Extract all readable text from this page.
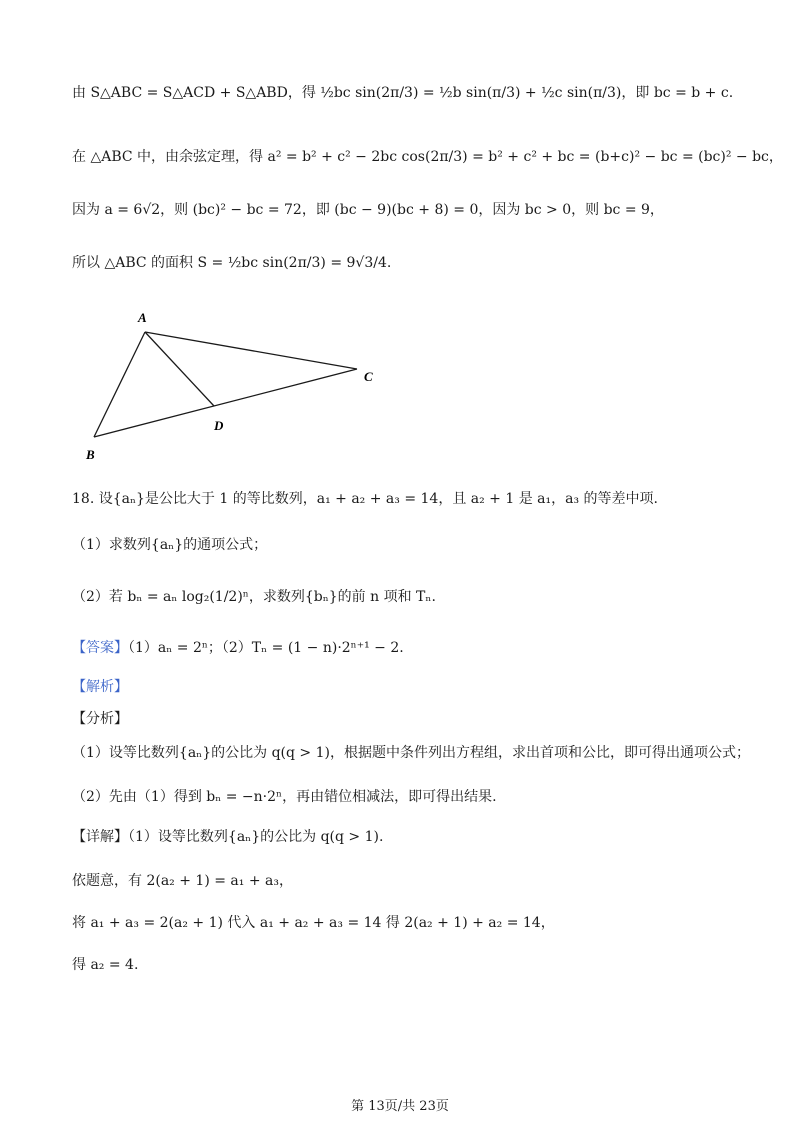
由 S△ABC = S△ACD + S△ABD，得 ½bc sin(2π/3) = ½b sin(π/3) + ½c sin(π/3)，即 bc = b + c.
在 △ABC 中，由余弦定理，得 a² = b² + c² − 2bc cos(2π/3) = b² + c² + bc = (b+c)² − bc = (bc)² − bc，
因为 a = 6√2，则 (bc)² − bc = 72，即 (bc − 9)(bc + 8) = 0，因为 bc > 0，则 bc = 9，
所以 △ABC 的面积 S = ½bc sin(2π/3) = 9√3/4.
A
B
C
D
18. 设{aₙ}是公比大于 1 的等比数列，a₁ + a₂ + a₃ = 14，且 a₂ + 1 是 a₁，a₃ 的等差中项.
（1）求数列{aₙ}的通项公式；
（2）若 bₙ = aₙ log₂(1/2)ⁿ，求数列{bₙ}的前 n 项和 Tₙ.
【答案】（1）aₙ = 2ⁿ；（2）Tₙ = (1 − n)·2ⁿ⁺¹ − 2.
【解析】
【分析】
（1）设等比数列{aₙ}的公比为 q(q > 1)，根据题中条件列出方程组，求出首项和公比，即可得出通项公式；
（2）先由（1）得到 bₙ = −n·2ⁿ，再由错位相减法，即可得出结果.
【详解】（1）设等比数列{aₙ}的公比为 q(q > 1).
依题意，有 2(a₂ + 1) = a₁ + a₃，
将 a₁ + a₃ = 2(a₂ + 1) 代入 a₁ + a₂ + a₃ = 14 得 2(a₂ + 1) + a₂ = 14，
得 a₂ = 4.
第 13页/共 23页
